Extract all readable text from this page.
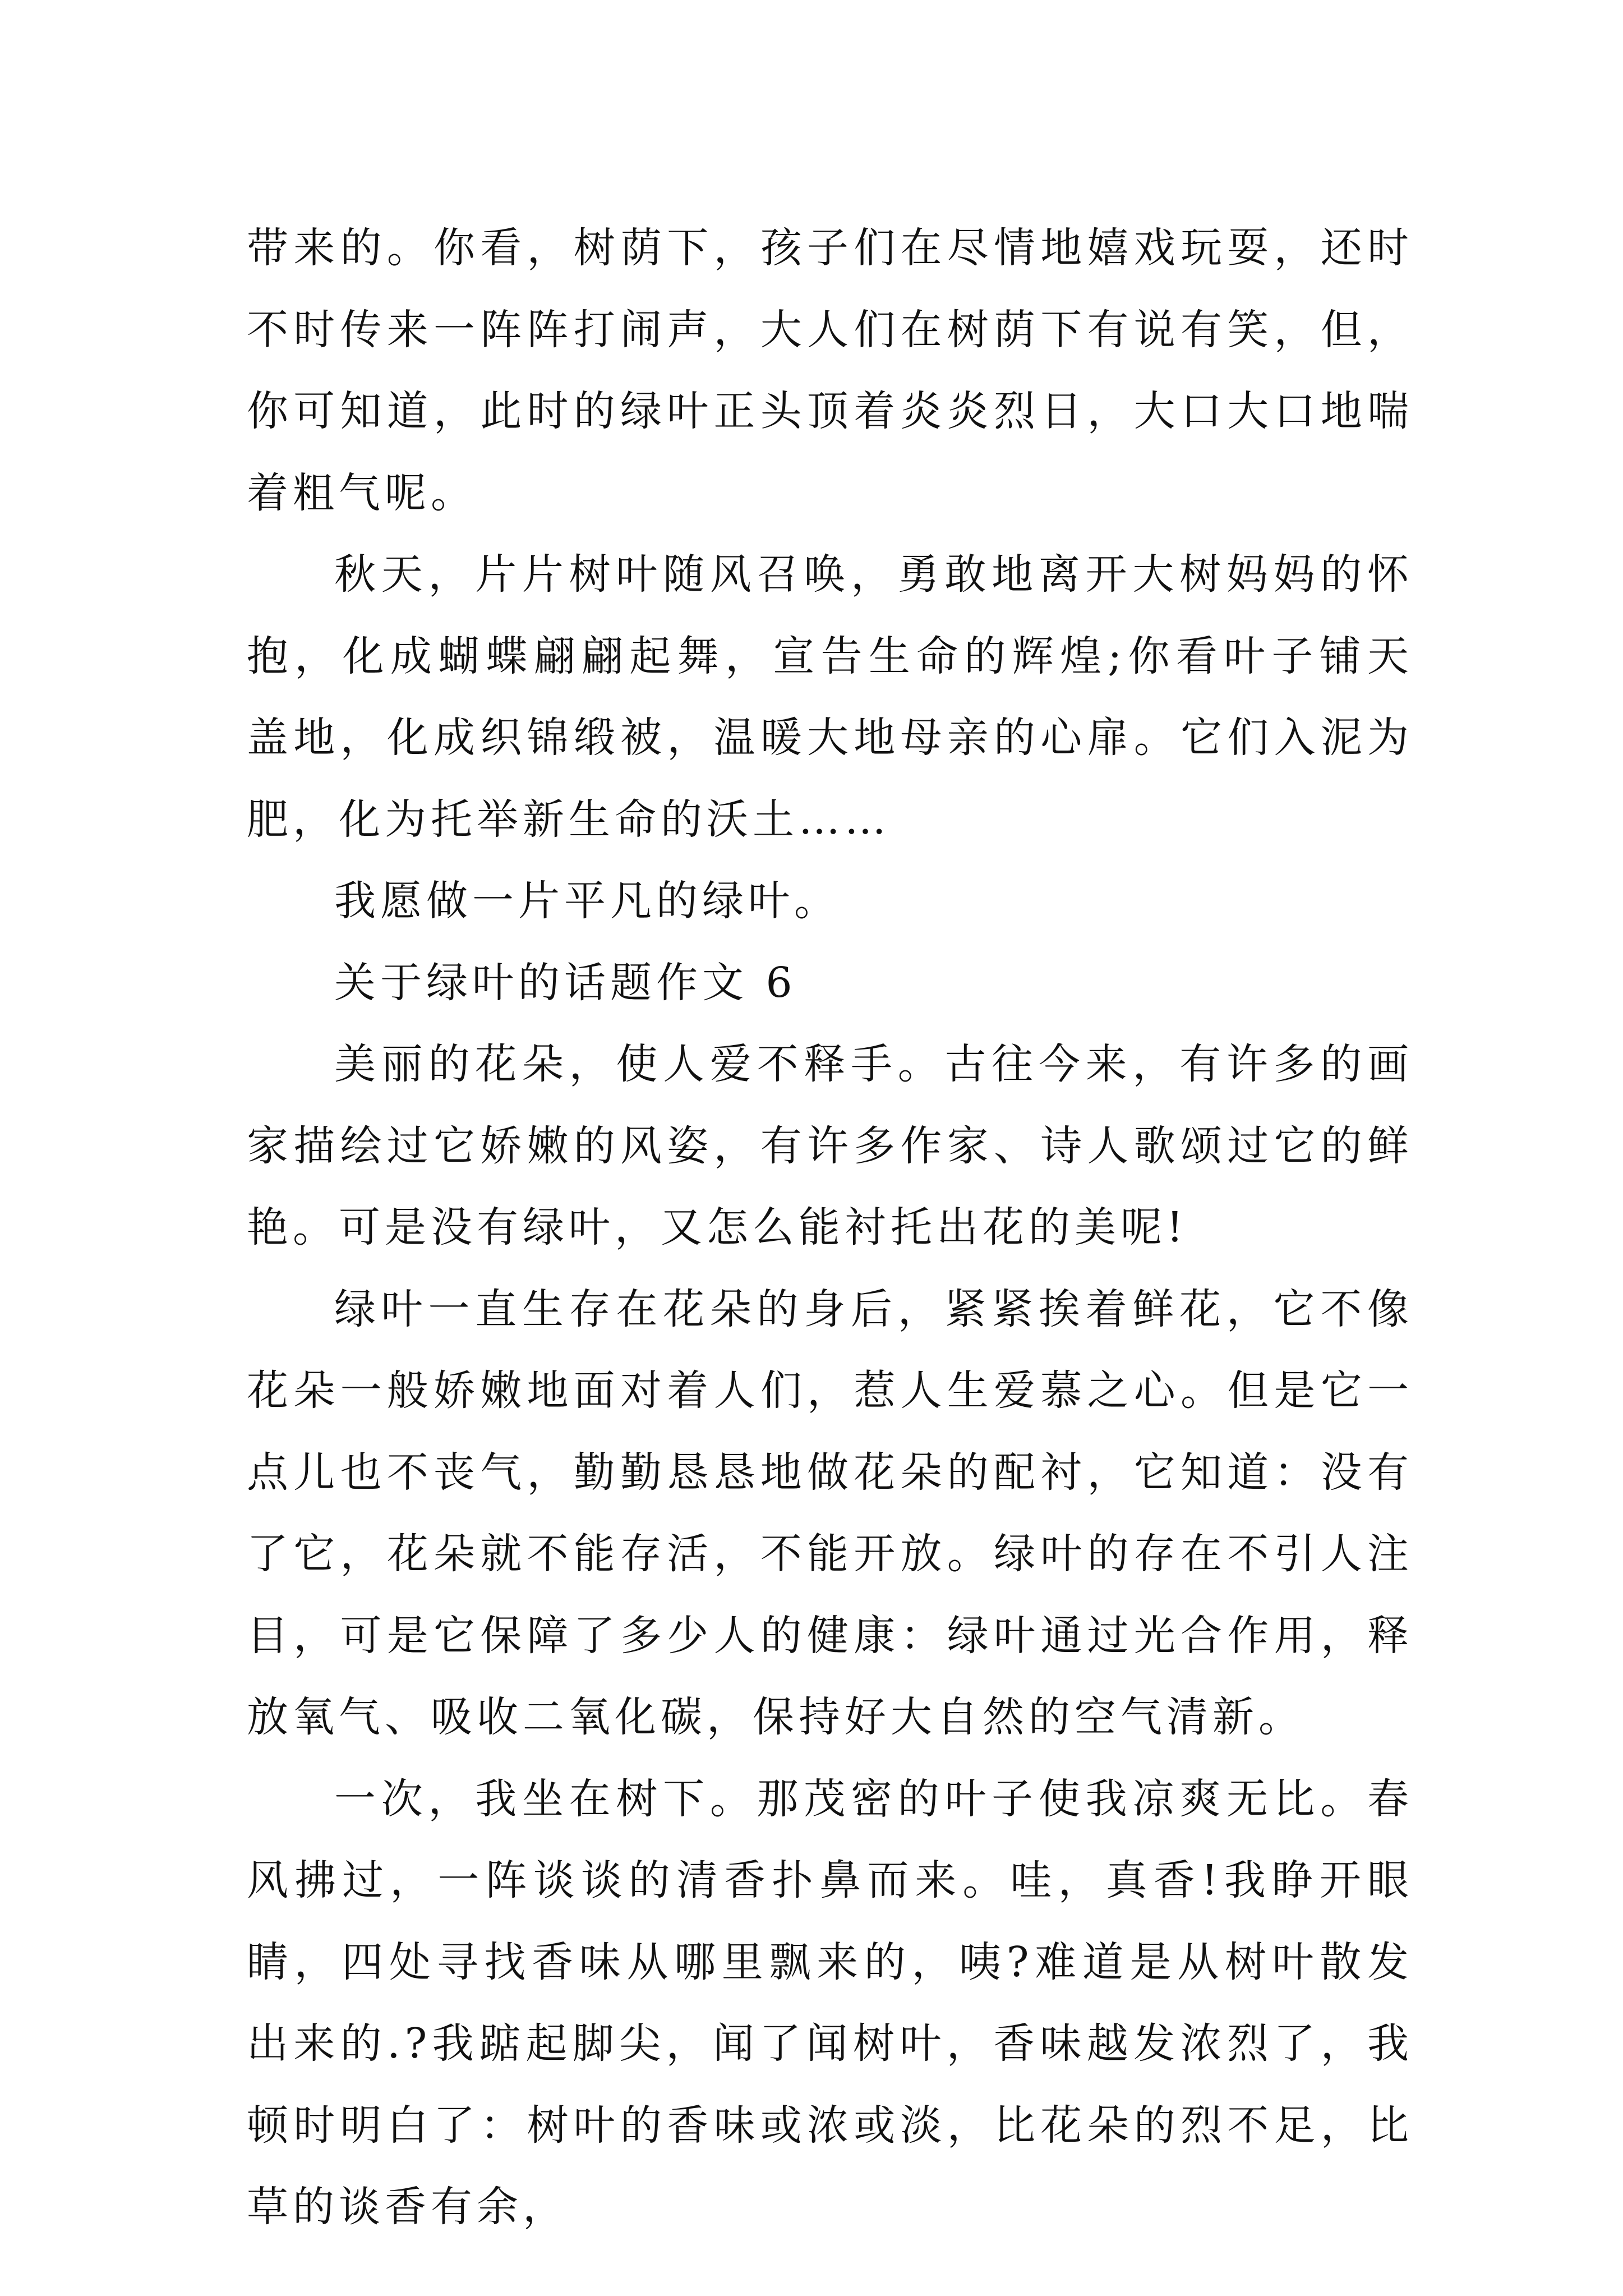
带来的。你看，树荫下，孩子们在尽情地嬉戏玩耍，还时不时传来一阵阵打闹声，大人们在树荫下有说有笑，但，你可知道，此时的绿叶正头顶着炎炎烈日，大口大口地喘着粗气呢。

秋天，片片树叶随风召唤，勇敢地离开大树妈妈的怀抱，化成蝴蝶翩翩起舞，宣告生命的辉煌;你看叶子铺天盖地，化成织锦缎被，温暖大地母亲的心扉。它们入泥为肥，化为托举新生命的沃土……

我愿做一片平凡的绿叶。

关于绿叶的话题作文 6

美丽的花朵，使人爱不释手。古往今来，有许多的画家描绘过它娇嫩的风姿，有许多作家、诗人歌颂过它的鲜艳。可是没有绿叶，又怎么能衬托出花的美呢!

绿叶一直生存在花朵的身后，紧紧挨着鲜花，它不像花朵一般娇嫩地面对着人们，惹人生爱慕之心。但是它一点儿也不丧气，勤勤恳恳地做花朵的配衬，它知道：没有了它，花朵就不能存活，不能开放。绿叶的存在不引人注目，可是它保障了多少人的健康：绿叶通过光合作用，释放氧气、吸收二氧化碳，保持好大自然的空气清新。

一次，我坐在树下。那茂密的叶子使我凉爽无比。春风拂过，一阵谈谈的清香扑鼻而来。哇，真香!我睁开眼睛，四处寻找香味从哪里飘来的，咦?难道是从树叶散发出来的.?我踮起脚尖，闻了闻树叶，香味越发浓烈了，我顿时明白了：树叶的香味或浓或淡，比花朵的烈不足，比草的谈香有余，
